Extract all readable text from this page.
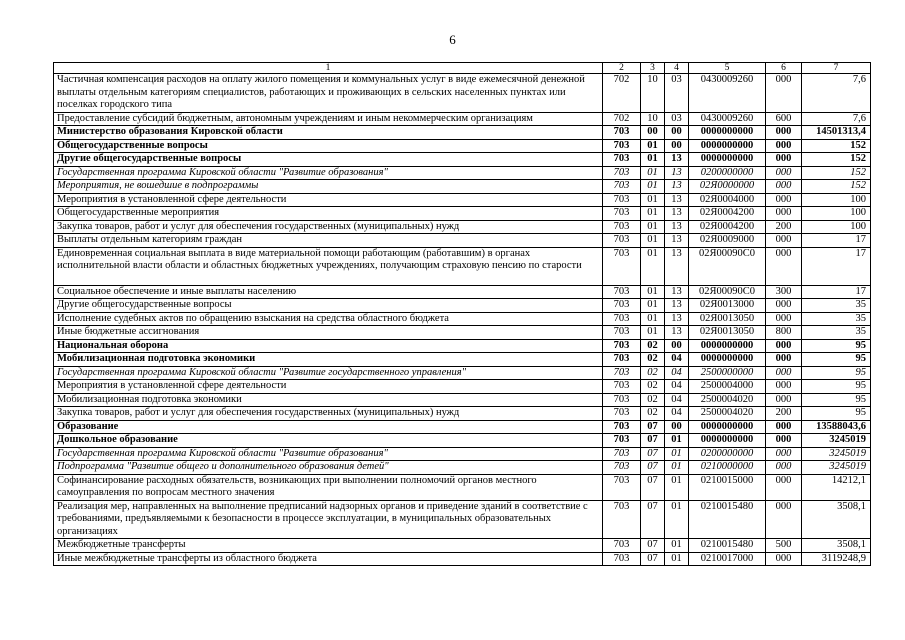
6
1	2	3	4	5	6	7
Частичная компенсация расходов на оплату жилого помещения и коммунальных услуг в виде ежемесячной денежной выплаты отдельным категориям специалистов, работающих и проживающих в сельских населенных пунктах или поселках городского типа	702	10	03	0430009260	000	7,6
Предоставление субсидий бюджетным, автономным учреждениям и иным некоммерческим организациям	702	10	03	0430009260	600	7,6
Министерство образования Кировской области	703	00	00	0000000000	000	14501313,4
Общегосударственные вопросы	703	01	00	0000000000	000	152
Другие общегосударственные вопросы	703	01	13	0000000000	000	152
Государственная программа Кировской области "Развитие образования"	703	01	13	0200000000	000	152
Мероприятия, не вошедшие в подпрограммы	703	01	13	02Я0000000	000	152
Мероприятия в установленной сфере деятельности	703	01	13	02Я0004000	000	100
Общегосударственные мероприятия	703	01	13	02Я0004200	000	100
Закупка товаров, работ и услуг для обеспечения государственных (муниципальных) нужд	703	01	13	02Я0004200	200	100
Выплаты отдельным категориям граждан	703	01	13	02Я0009000	000	17
Единовременная социальная выплата в виде материальной помощи работающим (работавшим) в органах исполнительной власти области и областных бюджетных учреждениях, получающим страховую пенсию по старости	703	01	13	02Я00090С0	000	17
Социальное обеспечение и иные выплаты населению	703	01	13	02Я00090С0	300	17
Другие общегосударственные вопросы	703	01	13	02Я0013000	000	35
Исполнение судебных актов по обращению взыскания на средства областного бюджета	703	01	13	02Я0013050	000	35
Иные бюджетные ассигнования	703	01	13	02Я0013050	800	35
Национальная оборона	703	02	00	0000000000	000	95
Мобилизационная подготовка экономики	703	02	04	0000000000	000	95
Государственная программа Кировской области "Развитие государственного управления"	703	02	04	2500000000	000	95
Мероприятия в установленной сфере деятельности	703	02	04	2500004000	000	95
Мобилизационная подготовка экономики	703	02	04	2500004020	000	95
Закупка товаров, работ и услуг для обеспечения государственных (муниципальных) нужд	703	02	04	2500004020	200	95
Образование	703	07	00	0000000000	000	13588043,6
Дошкольное образование	703	07	01	0000000000	000	3245019
Государственная программа Кировской области "Развитие образования"	703	07	01	0200000000	000	3245019
Подпрограмма "Развитие общего и дополнительного образования детей"	703	07	01	0210000000	000	3245019
Софинансирование расходных обязательств, возникающих при выполнении полномочий органов местного самоуправления по вопросам местного значения	703	07	01	0210015000	000	14212,1
Реализация мер, направленных на выполнение предписаний надзорных органов и приведение зданий в соответствие с требованиями, предъявляемыми к безопасности в процессе эксплуатации, в муниципальных образовательных организациях	703	07	01	0210015480	000	3508,1
Межбюджетные трансферты	703	07	01	0210015480	500	3508,1
Иные межбюджетные трансферты из областного бюджета	703	07	01	0210017000	000	3119248,9
